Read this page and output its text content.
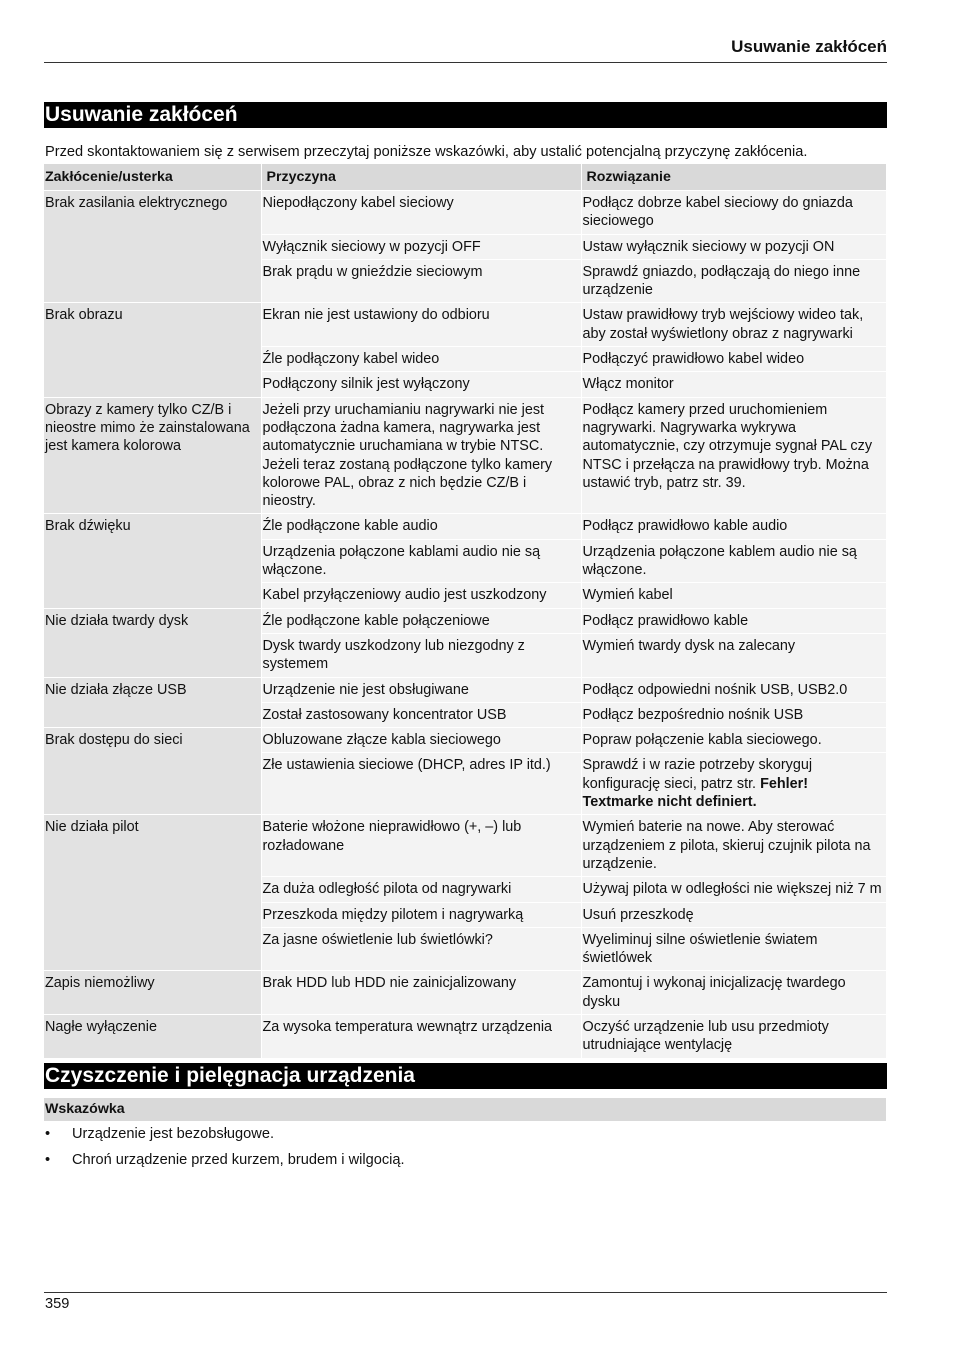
Usuwanie zakłóceń
Usuwanie zakłóceń
Przed skontaktowaniem się z serwisem przeczytaj poniższe wskazówki, aby ustalić potencjalną przyczynę zakłócenia.
Zakłócenie/usterka	Przyczyna	Rozwiązanie
Brak zasilania elektrycznego	Niepodłączony kabel sieciowy	Podłącz dobrze kabel sieciowy do gniazda sieciowego
	Wyłącznik sieciowy w pozycji OFF	Ustaw wyłącznik sieciowy w pozycji ON
	Brak prądu w gnieździe sieciowym	Sprawdź gniazdo, podłączają do niego inne urządzenie
Brak obrazu	Ekran nie jest ustawiony do odbioru	Ustaw prawidłowy tryb wejściowy wideo tak, aby został wyświetlony obraz z nagrywarki
	Źle podłączony kabel wideo	Podłączyć prawidłowo kabel wideo
	Podłączony silnik jest wyłączony	Włącz monitor
Obrazy z kamery tylko CZ/B i nieostre mimo że zainstalowana jest kamera kolorowa	Jeżeli przy uruchamianiu nagrywarki nie jest podłączona żadna kamera, nagrywarka jest automatycznie uruchamiana w trybie NTSC. Jeżeli teraz zostaną podłączone tylko kamery kolorowe PAL, obraz z nich będzie CZ/B i nieostry.	Podłącz kamery przed uruchomieniem nagrywarki. Nagrywarka wykrywa automatycznie, czy otrzymuje sygnał PAL czy NTSC i przełącza na prawidłowy tryb. Można ustawić tryb, patrz str. 39.
Brak dźwięku	Źle podłączone kable audio	Podłącz prawidłowo kable audio
	Urządzenia połączone kablami audio nie są włączone.	Urządzenia połączone kablem audio nie są włączone.
	Kabel przyłączeniowy audio jest uszkodzony	Wymień kabel
Nie działa twardy dysk	Źle podłączone kable połączeniowe	Podłącz prawidłowo kable
	Dysk twardy uszkodzony lub niezgodny z systemem	Wymień twardy dysk na zalecany
Nie działa złącze USB	Urządzenie nie jest obsługiwane	Podłącz odpowiedni nośnik USB, USB2.0
	Został zastosowany koncentrator USB	Podłącz bezpośrednio nośnik USB
Brak dostępu do sieci	Obluzowane złącze kabla sieciowego	Popraw połączenie kabla sieciowego.
	Złe ustawienia sieciowe (DHCP, adres IP itd.)	Sprawdź i w razie potrzeby skoryguj konfigurację sieci, patrz str. Fehler! Textmarke nicht definiert.
Nie działa pilot	Baterie włożone nieprawidłowo (+, –) lub rozładowane	Wymień baterie na nowe. Aby sterować urządzeniem z pilota, skieruj czujnik pilota na urządzenie.
	Za duża odległość pilota od nagrywarki	Używaj pilota w odległości nie większej niż 7 m
	Przeszkoda między pilotem i nagrywarką	Usuń przeszkodę
	Za jasne oświetlenie lub świetlówki?	Wyeliminuj silne oświetlenie światem świetlówek
Zapis niemożliwy	Brak HDD lub HDD nie zainicjalizowany	Zamontuj i wykonaj inicjalizację twardego dysku
Nagłe wyłączenie	Za wysoka temperatura wewnątrz urządzenia	Oczyść urządzenie lub usu przedmioty utrudniające wentylację
Czyszczenie i pielęgnacja urządzenia
Wskazówka
• Urządzenie jest bezobsługowe.
• Chroń urządzenie przed kurzem, brudem i wilgocią.
359
